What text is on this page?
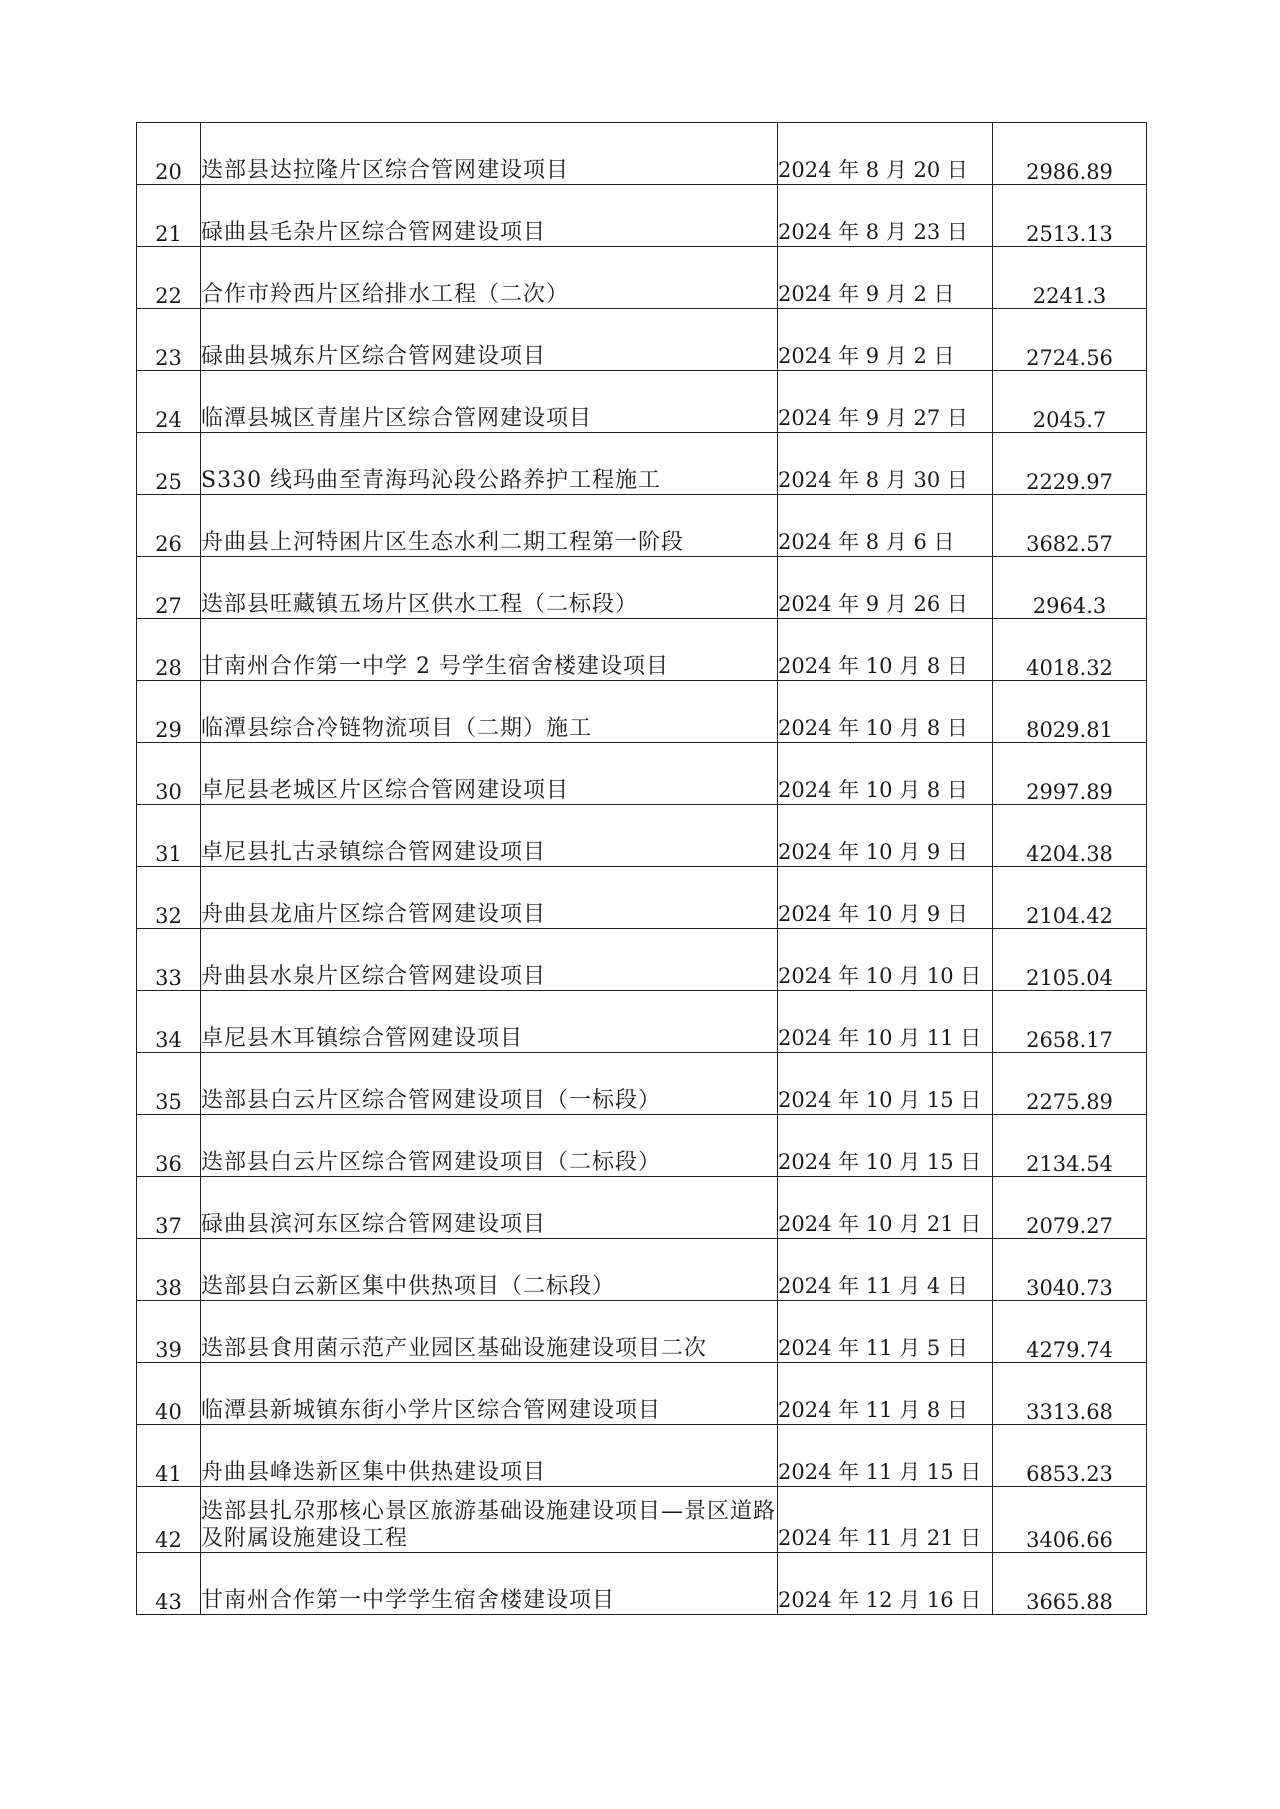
20	迭部县达拉隆片区综合管网建设项目	2024 年 8 月 20 日	2986.89
21	碌曲县毛杂片区综合管网建设项目	2024 年 8 月 23 日	2513.13
22	合作市羚西片区给排水工程（二次）	2024 年 9 月 2 日	2241.3
23	碌曲县城东片区综合管网建设项目	2024 年 9 月 2 日	2724.56
24	临潭县城区青崖片区综合管网建设项目	2024 年 9 月 27 日	2045.7
25	S330 线玛曲至青海玛沁段公路养护工程施工	2024 年 8 月 30 日	2229.97
26	舟曲县上河特困片区生态水利二期工程第一阶段	2024 年 8 月 6 日	3682.57
27	迭部县旺藏镇五场片区供水工程（二标段）	2024 年 9 月 26 日	2964.3
28	甘南州合作第一中学 2 号学生宿舍楼建设项目	2024 年 10 月 8 日	4018.32
29	临潭县综合冷链物流项目（二期）施工	2024 年 10 月 8 日	8029.81
30	卓尼县老城区片区综合管网建设项目	2024 年 10 月 8 日	2997.89
31	卓尼县扎古录镇综合管网建设项目	2024 年 10 月 9 日	4204.38
32	舟曲县龙庙片区综合管网建设项目	2024 年 10 月 9 日	2104.42
33	舟曲县水泉片区综合管网建设项目	2024 年 10 月 10 日	2105.04
34	卓尼县木耳镇综合管网建设项目	2024 年 10 月 11 日	2658.17
35	迭部县白云片区综合管网建设项目（一标段）	2024 年 10 月 15 日	2275.89
36	迭部县白云片区综合管网建设项目（二标段）	2024 年 10 月 15 日	2134.54
37	碌曲县滨河东区综合管网建设项目	2024 年 10 月 21 日	2079.27
38	迭部县白云新区集中供热项目（二标段）	2024 年 11 月 4 日	3040.73
39	迭部县食用菌示范产业园区基础设施建设项目二次	2024 年 11 月 5 日	4279.74
40	临潭县新城镇东街小学片区综合管网建设项目	2024 年 11 月 8 日	3313.68
41	舟曲县峰迭新区集中供热建设项目	2024 年 11 月 15 日	6853.23
42	迭部县扎尕那核心景区旅游基础设施建设项目—景区道路及附属设施建设工程	2024 年 11 月 21 日	3406.66
43	甘南州合作第一中学学生宿舍楼建设项目	2024 年 12 月 16 日	3665.88
